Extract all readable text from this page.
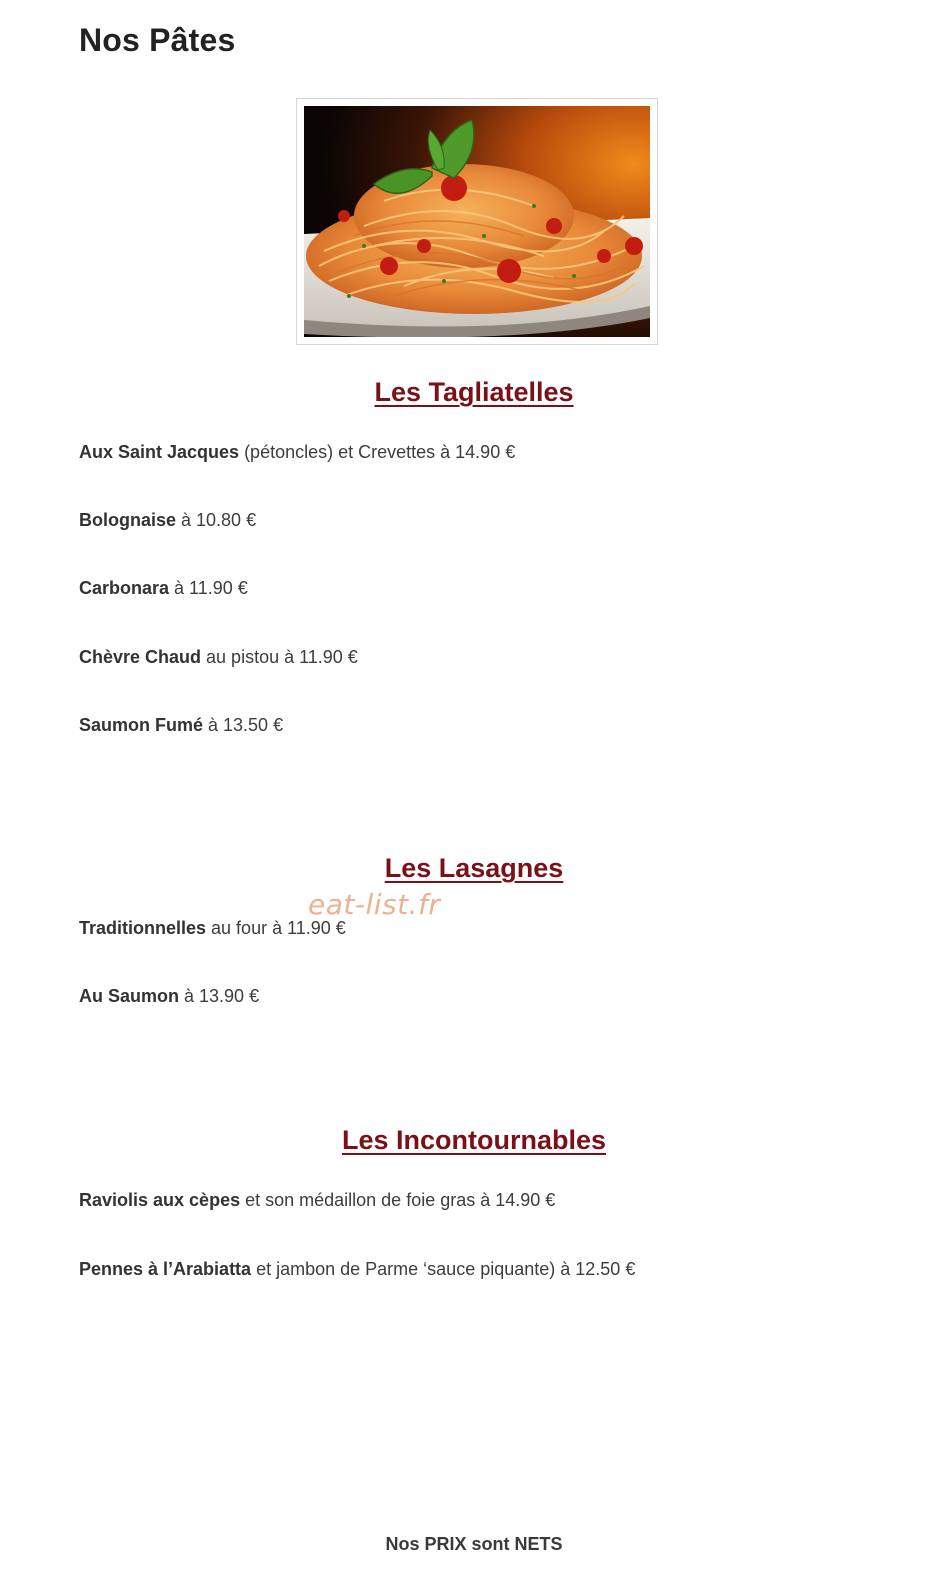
Nos Pâtes
Les Tagliatelles

Aux Saint Jacques (pétoncles) et Crevettes à 14.90 €

Bolognaise à 10.80 €

Carbonara à 11.90 €

Chèvre Chaud au pistou à 11.90 €

Saumon Fumé à 13.50 €

Les Lasagnes
eat-list.fr

Traditionnelles au four à 11.90 €

Au Saumon à 13.90 €

Les Incontournables

Raviolis aux cèpes et son médaillon de foie gras à 14.90 €

Pennes à l’Arabiatta et jambon de Parme ‘sauce piquante) à 12.50 €

Nos PRIX sont NETS
